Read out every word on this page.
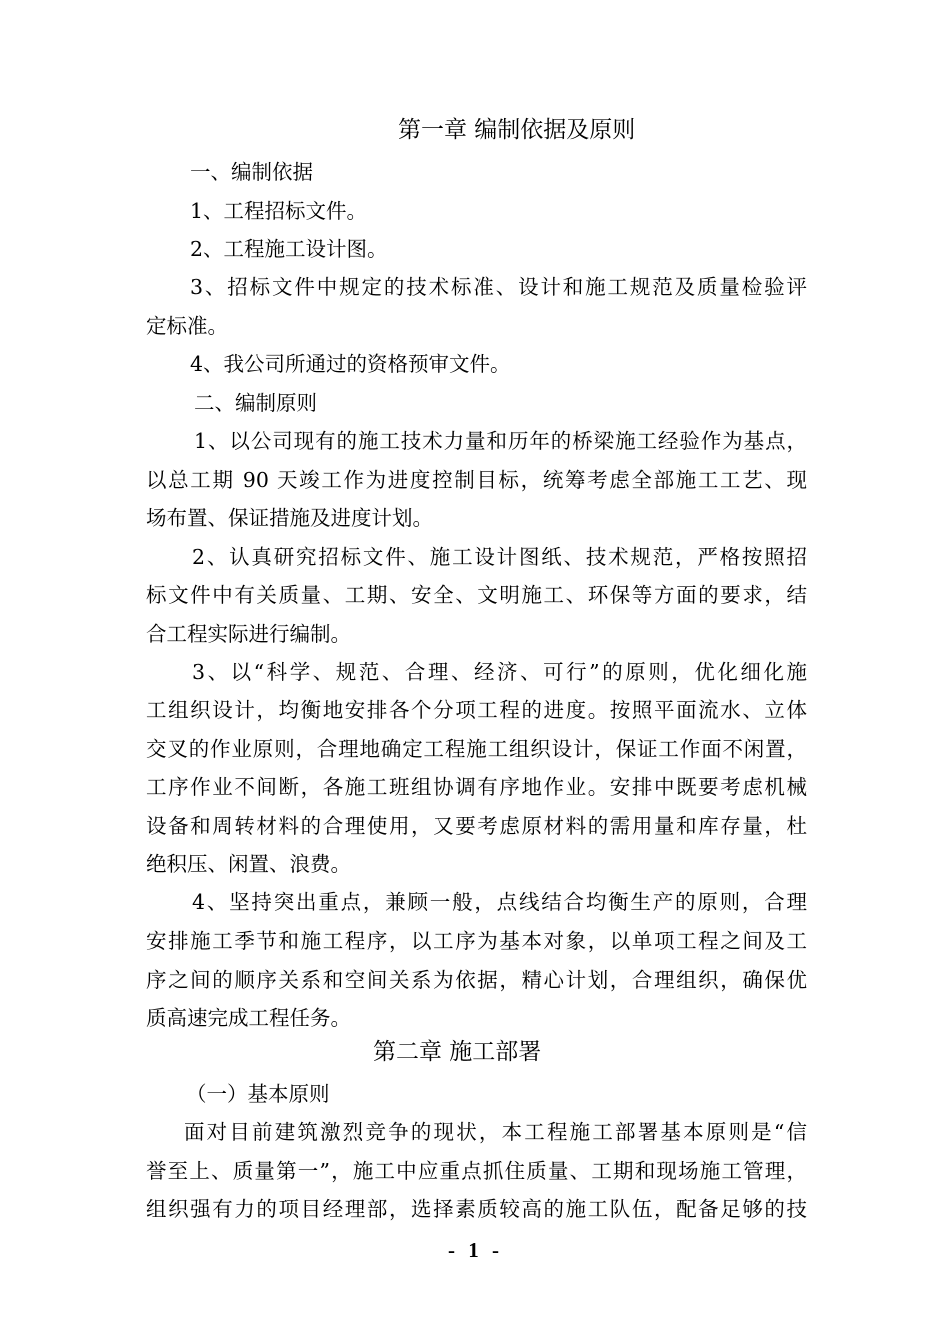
第一章 编制依据及原则
一、编制依据
1、工程招标文件。
2、工程施工设计图。
3、招标文件中规定的技术标准、设计和施工规范及质量检验评
定标准。
4、我公司所通过的资格预审文件。
二、编制原则
1、以公司现有的施工技术力量和历年的桥梁施工经验作为基点，
以总工期 90 天竣工作为进度控制目标，统筹考虑全部施工工艺、现
场布置、保证措施及进度计划。
2、认真研究招标文件、施工设计图纸、技术规范，严格按照招
标文件中有关质量、工期、安全、文明施工、环保等方面的要求，结
合工程实际进行编制。
3、以“科学、规范、合理、经济、可行”的原则，优化细化施
工组织设计，均衡地安排各个分项工程的进度。按照平面流水、立体
交叉的作业原则，合理地确定工程施工组织设计，保证工作面不闲置，
工序作业不间断，各施工班组协调有序地作业。安排中既要考虑机械
设备和周转材料的合理使用，又要考虑原材料的需用量和库存量，杜
绝积压、闲置、浪费。
4、坚持突出重点，兼顾一般，点线结合均衡生产的原则，合理
安排施工季节和施工程序，以工序为基本对象，以单项工程之间及工
序之间的顺序关系和空间关系为依据，精心计划，合理组织，确保优
质高速完成工程任务。
第二章 施工部署
（一）基本原则
面对目前建筑激烈竞争的现状，本工程施工部署基本原则是“信
誉至上、质量第一”，施工中应重点抓住质量、工期和现场施工管理，
组织强有力的项目经理部，选择素质较高的施工队伍，配备足够的技
- 1 -
